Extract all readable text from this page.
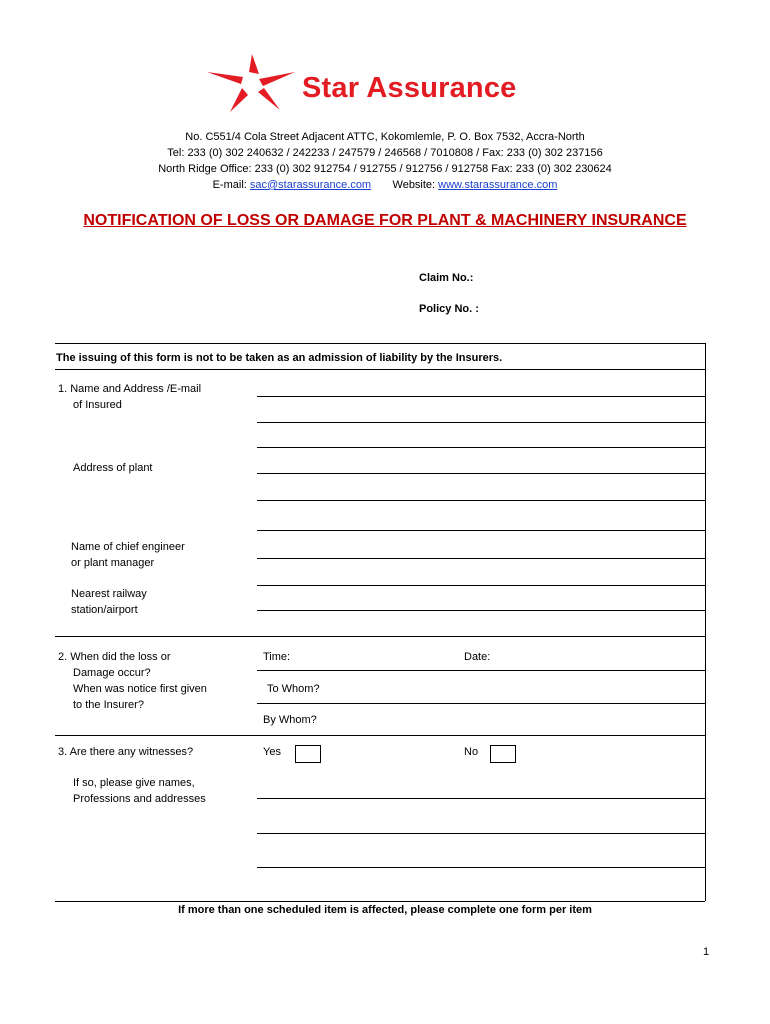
Star Assurance
No. C551/4 Cola Street Adjacent ATTC, Kokomlemle, P. O. Box 7532, Accra-North
Tel: 233 (0) 302 240632 / 242233 / 247579 / 246568 / 7010808 / Fax: 233 (0) 302 237156
North Ridge Office: 233 (0) 302 912754 / 912755 / 912756 / 912758 Fax: 233 (0) 302 230624
E-mail: sac@starassurance.com Website: www.starassurance.com
NOTIFICATION OF LOSS OR DAMAGE FOR PLANT & MACHINERY INSURANCE
Claim No.:
Policy No. :
The issuing of this form is not to be taken as an admission of liability by the Insurers.
1. Name and Address /E-mail
of Insured
Address of plant
Name of chief engineer
or plant manager
Nearest railway
station/airport
2. When did the loss or
Damage occur?
When was notice first given
to the Insurer?
Time:	Date:
To Whom?
By Whom?
3. Are there any witnesses?	Yes	No
If so, please give names,
Professions and addresses
If more than one scheduled item is affected, please complete one form per item
1
